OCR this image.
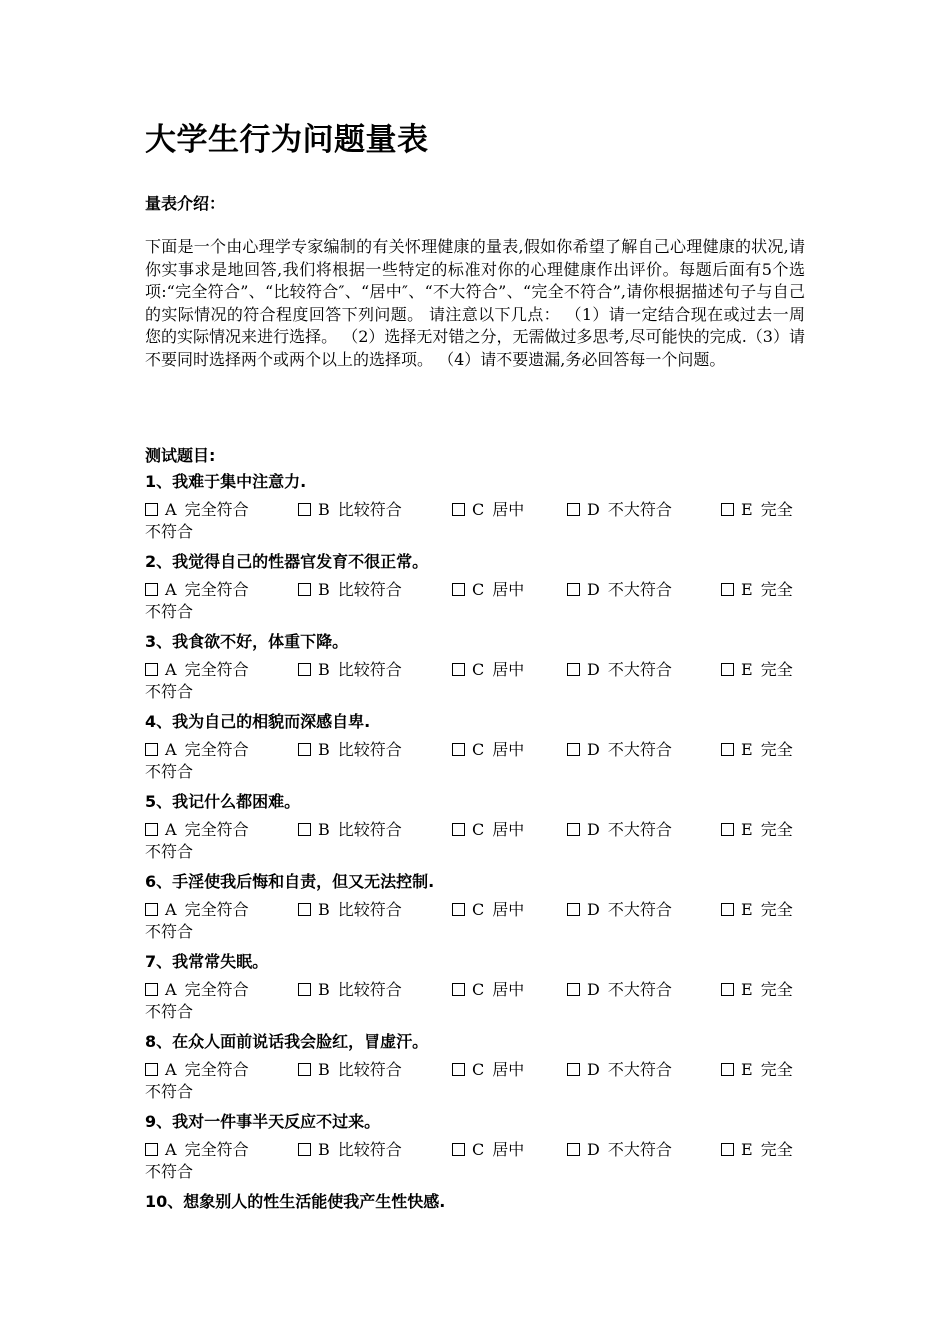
大学生行为问题量表
量表介绍：
下面是一个由心理学专家编制的有关怀理健康的量表,假如你希望了解自己心理健康的状况,请你实事求是地回答,我们将根据一些特定的标准对你的心理健康作出评价。每题后面有5个选项:“完全符合”、“比较符合″、“居中″、“不大符合”、“完全不符合”,请你根据描述句子与自己的实际情况的符合程度回答下列问题。 请注意以下几点： （1）请一定结合现在或过去一周您的实际情况来进行选择。 （2）选择无对错之分，无需做过多思考,尽可能快的完成.（3）请不要同时选择两个或两个以上的选择项。 （4）请不要遗漏,务必回答每一个问题。
测试题目:
1、我难于集中注意力.
A 完全符合	B 比较符合	C 居中	D 不大符合	E 完全
不符合
2、我觉得自己的性器官发育不很正常。
A 完全符合	B 比较符合	C 居中	D 不大符合	E 完全
不符合
3、我食欲不好，体重下降。
A 完全符合	B 比较符合	C 居中	D 不大符合	E 完全
不符合
4、我为自己的相貌而深感自卑.
A 完全符合	B 比较符合	C 居中	D 不大符合	E 完全
不符合
5、我记什么都困难。
A 完全符合	B 比较符合	C 居中	D 不大符合	E 完全
不符合
6、手淫使我后悔和自责，但又无法控制.
A 完全符合	B 比较符合	C 居中	D 不大符合	E 完全
不符合
7、我常常失眠。
A 完全符合	B 比较符合	C 居中	D 不大符合	E 完全
不符合
8、在众人面前说话我会脸红，冒虚汗。
A 完全符合	B 比较符合	C 居中	D 不大符合	E 完全
不符合
9、我对一件事半天反应不过来。
A 完全符合	B 比较符合	C 居中	D 不大符合	E 完全
不符合
10、想象别人的性生活能使我产生性快感.
